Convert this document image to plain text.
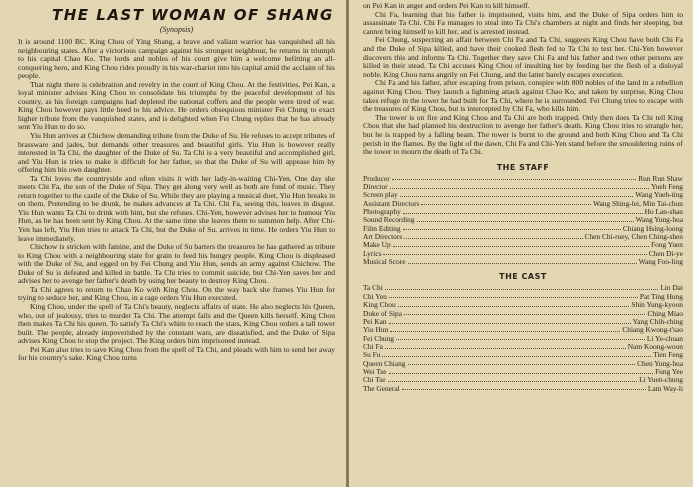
THE LAST WOMAN OF SHANG
(Synopsis)

It is around 1100 BC. King Chou of Ying Shang, a brave and valiant warrior has vanquished all his neighbouring states. After a victorious campaign against his strongest neighbour, he returns in triumph to his capital Chao Ko. The lords and nobles of his court give him a welcome befitting an all-conquering hero, and King Chou rides proudly in his war-chariot into his capital amid the acclaim of his people.

That night there is celebration and revelry in the court of King Chou. At the festivities, Pei Kan, a loyal minister advises King Chou to consolidate his triumphs by the peaceful development of his country, as his foreign campaigns had depleted the national coffers and the people were tired of war. King Chou however pays little heed to his advice. He orders obsequious minister Fei Chung to exact higher tribute from the vanquished states, and is delighted when Fei Chung replies that he has already sent Yiu Hun to do so.

Yiu Hun arrives at Chichow demanding tribute from the Duke of Su. He refuses to accept tributes of brassware and jades, but demands other treasures and beautiful girls. Yiu Hun is however really interested in Ta Chi, the daughter of the Duke of Su. Ta Chi is a very beautiful and accomplished girl, and Yiu Hun is tries to make it difficult for her father, so that the Duke of Su will appease him by offering him his own daughter.

Ta Chi loves the countryside and often visits it with her lady-in-waiting Chi-Yen. One day she meets Chi Fa, the son of the Duke of Sipa. They get along very well as both are fond of music. They return together to the castle of the Duke of Su. While they are playing a musical duet, Yiu Hun breaks in on them. Pretending to be drunk, he makes advances at Ta Chi. Chi Fa, seeing this, leaves in disgust. Yiu Hun wants Ta Chi to drink with him, but she refuses. Chi-Yen, however advises her to humour Yiu Hun, as he has been sent by King Chou. At the same time she leaves them to summon help. After Chi-Yen has left, Yiu Hun tries to attack Ta Chi, but the Duke of Su, arrives in time. He orders Yiu Hun to leave immediately.

Chichow is stricken with famine, and the Duke of Su barters the treasures he has gathered as tribute to King Chou with a neighbouring state for grain to feed his hungry people. King Chou is displeased with the Duke of Su, and egged on by Fei Chung and Yiu Hun, sends an army against Chichow. The Duke of Su is defeated and killed in battle. Ta Chi tries to commit suicide, but Chi-Yen saves her and advises her to avenge her father's death by using her beauty to destroy King Chou.

Ta Chi agrees to return to Chao Ko with King Chou. On the way back she frames Yiu Hun for trying to seduce her, and King Chou, in a rage orders Yiu Hun executed.

King Chou, under the spell of Ta Chi's beauty, neglects affairs of state. He also neglects his Queen, who, out of jealousy, tries to murder Ta Chi. The attempt fails and the Queen kills herself. King Chou then makes Ta Chi his queen. To satisfy Ta Chi's whim to reach the stars, King Chou orders a tall tower built. The people, already impoverished by the constant wars, are dissatisfied, and the Duke of Sipa advises King Chou to stop the project. The King orders him imprisoned instead.

Pei Kan also tries to save King Chou from the spell of Ta Chi, and pleads with him to send her away for his country's sake. King Chou turns

on Pei Kan in anger and orders Pei Kan to kill himself.

Chi Fa, learning that his father is imprisoned, visits him, and the Duke of Sipa orders him to assassinate Ta Chi. Chi Fa manages to steal into Ta Chi's chambers at night and finds her sleeping, but cannot bring himself to kill her, and is arrested instead.

Fei Chung, suspecting an affair between Chi Fa and Ta Chi, suggests King Chou have both Chi Fa and the Duke of Sipa killed, and have their cooked flesh fed to Ta Chi to test her. Chi-Yen however discovers this and informs Ta Chi. Together they save Chi Fa and his father and two other persons are killed in their stead. Ta Chi accuses King Chou of insulting her by feeding her the flesh of a disloyal noble. King Chou turns angrily on Fei Chung, and the latter barely escapes execution.

Chi Fa and his father, after escaping from prison, conspire with 800 nobles of the land in a rebellion against King Chou. They launch a lightning attack against Chao Ko, and taken by surprise, King Chou takes refuge in the tower he had built for Ta Chi, where he is surrounded. Fei Chung tries to escape with the treasures of King Chou, but is intercepted by Chi Fa, who kills him.

The tower is on fire and King Chou and Ta Chi are both trapped. Only then does Ta Chi tell King Chou that she had planned his destruction to avenge her father's death. King Chou tries to strangle her, but he is trapped by a falling beam. The tower is burnt to the ground and both King Chou and Ta Chi perish in the flames. By the light of the dawn, Chi Fa and Chi-Yen stand before the smouldering ruins of the tower to mourn the death of Ta Chi.

THE STAFF
Producer	Run Run Shaw
Director	Yueh Feng
Screen play	Wang Yueh-ting
Assistant Directors	Wang Shing-lei, Min Tai-chun
Photography	Ho Lan-shan
Sound Recording	Wang Yung-hua
Film Editing	Chiang Hsing-loong
Art Directors	Chen Chi-ruey, Chen Ching-shen
Make Up	Fong Yuen
Lyrics	Chen Di-ye
Musical Score	Wang Foo-ling
THE CAST
Ta Chi	Lin Dai
Chi Yen	Pat Ting Hung
King Chou	Shin Yung-kyoon
Duke of Sipa	Ching Miao
Pei Kan	Yang Chih-ching
Yiu Hun	Chiang Kwong-t'sao
Fei Chung	Li Ye-chuan
Chi Fa	Nam Koong-woon
Su Fu	Tien Feng
Queen Chiang	Chen Yung-hua
Wei Tse	Fung Yee
Chi Tse	Li Yuen-chung
The General	Lam Way-li
